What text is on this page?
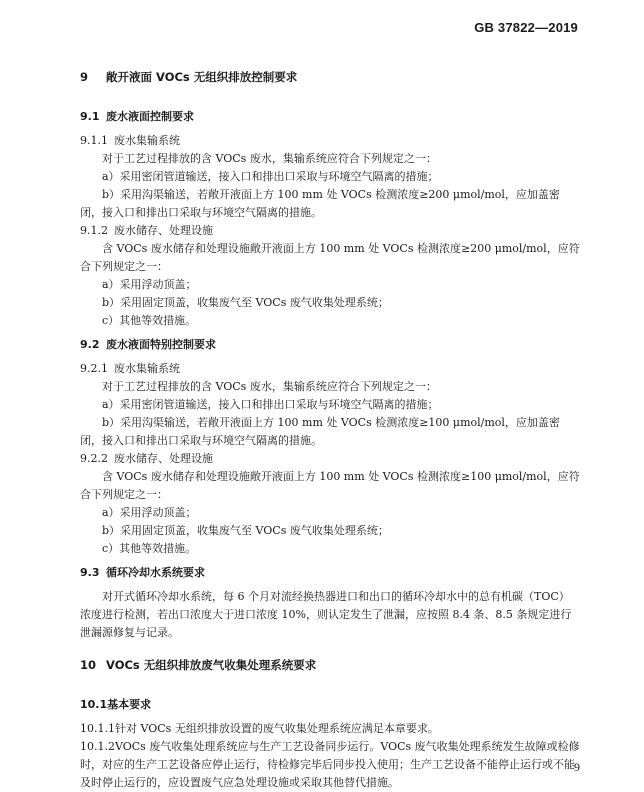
GB 37822—2019
9 敞开液面 VOCs 无组织排放控制要求
9.1 废水液面控制要求

9.1.1 废水集输系统

对于工艺过程排放的含 VOCs 废水，集输系统应符合下列规定之一：

a）采用密闭管道输送，接入口和排出口采取与环境空气隔离的措施；

b）采用沟渠输送，若敞开液面上方 100 mm 处 VOCs 检测浓度≥200 μmol/mol，应加盖密闭，接入口和排出口采取与环境空气隔离的措施。

9.1.2 废水储存、处理设施

含 VOCs 废水储存和处理设施敞开液面上方 100 mm 处 VOCs 检测浓度≥200 μmol/mol，应符合下列规定之一：

a）采用浮动顶盖；

b）采用固定顶盖，收集废气至 VOCs 废气收集处理系统；

c）其他等效措施。

9.2 废水液面特别控制要求

9.2.1 废水集输系统

对于工艺过程排放的含 VOCs 废水，集输系统应符合下列规定之一：

a）采用密闭管道输送，接入口和排出口采取与环境空气隔离的措施；

b）采用沟渠输送，若敞开液面上方 100 mm 处 VOCs 检测浓度≥100 μmol/mol，应加盖密闭，接入口和排出口采取与环境空气隔离的措施。

9.2.2 废水储存、处理设施

含 VOCs 废水储存和处理设施敞开液面上方 100 mm 处 VOCs 检测浓度≥100 μmol/mol，应符合下列规定之一：

a）采用浮动顶盖；

b）采用固定顶盖，收集废气至 VOCs 废气收集处理系统；

c）其他等效措施。

9.3 循环冷却水系统要求

对开式循环冷却水系统，每 6 个月对流经换热器进口和出口的循环冷却水中的总有机碳（TOC）浓度进行检测，若出口浓度大于进口浓度 10%，则认定发生了泄漏，应按照 8.4 条、8.5 条规定进行泄漏源修复与记录。

10 VOCs 无组织排放废气收集处理系统要求
10.1基本要求

10.1.1针对 VOCs 无组织排放设置的废气收集处理系统应满足本章要求。

10.1.2VOCs 废气收集处理系统应与生产工艺设备同步运行。VOCs 废气收集处理系统发生故障或检修时，对应的生产工艺设备应停止运行，待检修完毕后同步投入使用；生产工艺设备不能停止运行或不能及时停止运行的，应设置废气应急处理设施或采取其他替代措施。

9
